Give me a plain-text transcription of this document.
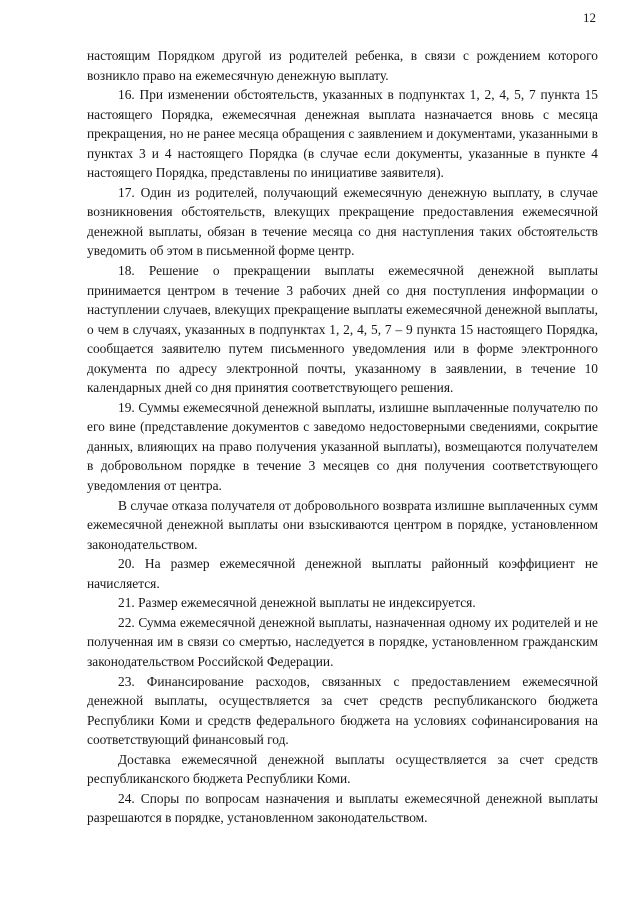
12

настоящим Порядком другой из родителей ребенка, в связи с рождением которого возникло право на ежемесячную денежную выплату.

16. При изменении обстоятельств, указанных в подпунктах 1, 2, 4, 5, 7 пункта 15 настоящего Порядка, ежемесячная денежная выплата назначается вновь с месяца прекращения, но не ранее месяца обращения с заявлением и документами, указанными в пунктах 3 и 4 настоящего Порядка (в случае если документы, указанные в пункте 4 настоящего Порядка, представлены по инициативе заявителя).

17. Один из родителей, получающий ежемесячную денежную выплату, в случае возникновения обстоятельств, влекущих прекращение предоставления ежемесячной денежной выплаты, обязан в течение месяца со дня наступления таких обстоятельств уведомить об этом в письменной форме центр.

18. Решение о прекращении выплаты ежемесячной денежной выплаты принимается центром в течение 3 рабочих дней со дня поступления информации о наступлении случаев, влекущих прекращение выплаты ежемесячной денежной выплаты, о чем в случаях, указанных в подпунктах 1, 2, 4, 5, 7 – 9 пункта 15 настоящего Порядка, сообщается заявителю путем письменного уведомления или в форме электронного документа по адресу электронной почты, указанному в заявлении, в течение 10 календарных дней со дня принятия соответствующего решения.

19. Суммы ежемесячной денежной выплаты, излишне выплаченные получателю по его вине (представление документов с заведомо недостоверными сведениями, сокрытие данных, влияющих на право получения указанной выплаты), возмещаются получателем в добровольном порядке в течение 3 месяцев со дня получения соответствующего уведомления от центра.

В случае отказа получателя от добровольного возврата излишне выплаченных сумм ежемесячной денежной выплаты они взыскиваются центром в порядке, установленном законодательством.

20. На размер ежемесячной денежной выплаты районный коэффициент не начисляется.

21. Размер ежемесячной денежной выплаты не индексируется.

22. Сумма ежемесячной денежной выплаты, назначенная одному их родителей и не полученная им в связи со смертью, наследуется в порядке, установленном гражданским законодательством Российской Федерации.

23. Финансирование расходов, связанных с предоставлением ежемесячной денежной выплаты, осуществляется за счет средств республиканского бюджета Республики Коми и средств федерального бюджета на условиях софинансирования на соответствующий финансовый год.

Доставка ежемесячной денежной выплаты осуществляется за счет средств республиканского бюджета Республики Коми.

24. Споры по вопросам назначения и выплаты ежемесячной денежной выплаты разрешаются в порядке, установленном законодательством.
